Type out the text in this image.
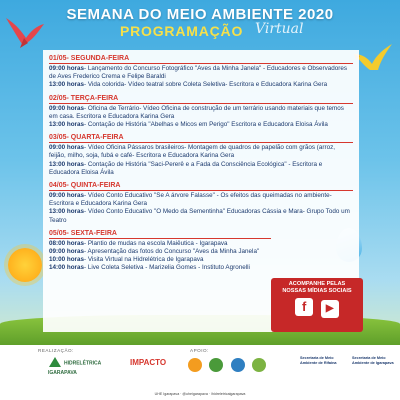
SEMANA DO MEIO AMBIENTE 2020
PROGRAMAÇÃO Virtual
01/05- SEGUNDA-FEIRA
09:00 horas- Lançamento do Concurso Fotográfico "Aves da Minha Janela" - Educadores e Observadores de Aves Frederico Crema e Felipe Baraldi
13:00 horas- Vida colorida- Vídeo teatral sobre Coleta Seletiva- Escritora e Educadora Karina Gera
02/05- TERÇA-FEIRA
09:00 horas- Oficina de Terrário- Vídeo Oficina de construção de um terrário usando materiais que temos em casa. Escritora e Educadora Karina Gera
13:00 horas- Contação de História "Abelhas e Micos em Perigo" Escritora e Educadora Eloisa Ávila
03/05- QUARTA-FEIRA
09:00 horas- Vídeo Oficina Pássaros brasileiros- Montagem de quadros de papelão com grãos (arroz, feijão, milho, soja, fubá e café- Escritora e Educadora Karina Gera
13:00 horas- Contação de História "Saci-Pererê e a Fada da Consciência Ecológica" - Escritora e Educadora Eloisa Ávila
04/05- QUINTA-FEIRA
09:00 horas- Vídeo Conto Educativo "Se A árvore Falasse" - Os efeitos das queimadas no ambiente- Escritora e Educadora Karina Gera
13:00 horas- Vídeo Conto Educativo "O Medo da Sementinha" Educadoras Cássia e Mara- Grupo Todo um Teatro
05/05- SEXTA-FEIRA
08:00 horas- Plantio de mudas na escola Maiêutica - Igarapava
09:00 horas- Apresentação das fotos do Concurso "Aves da Minha Janela"
10:00 horas- Visita Virtual na Hidrelétrica de Igarapava
14:00 horas- Live Coleta Seletiva - Marizelia Gomes - Instituto Agronelli
ACOMPANHE PELAS NOSSAS MÍDIAS SOCIAIS
f ▶
REALIZAÇÃO:	APOIO:
HIDRELÉTRICA IGARAPAVA
IMPACTO
	Secretaria de Meio Ambiente de Rifaina
Secretaria de Meio Ambiente de Igarapava
UHE Igarapava · @uheigarapava · /hidreletricaigarapava
